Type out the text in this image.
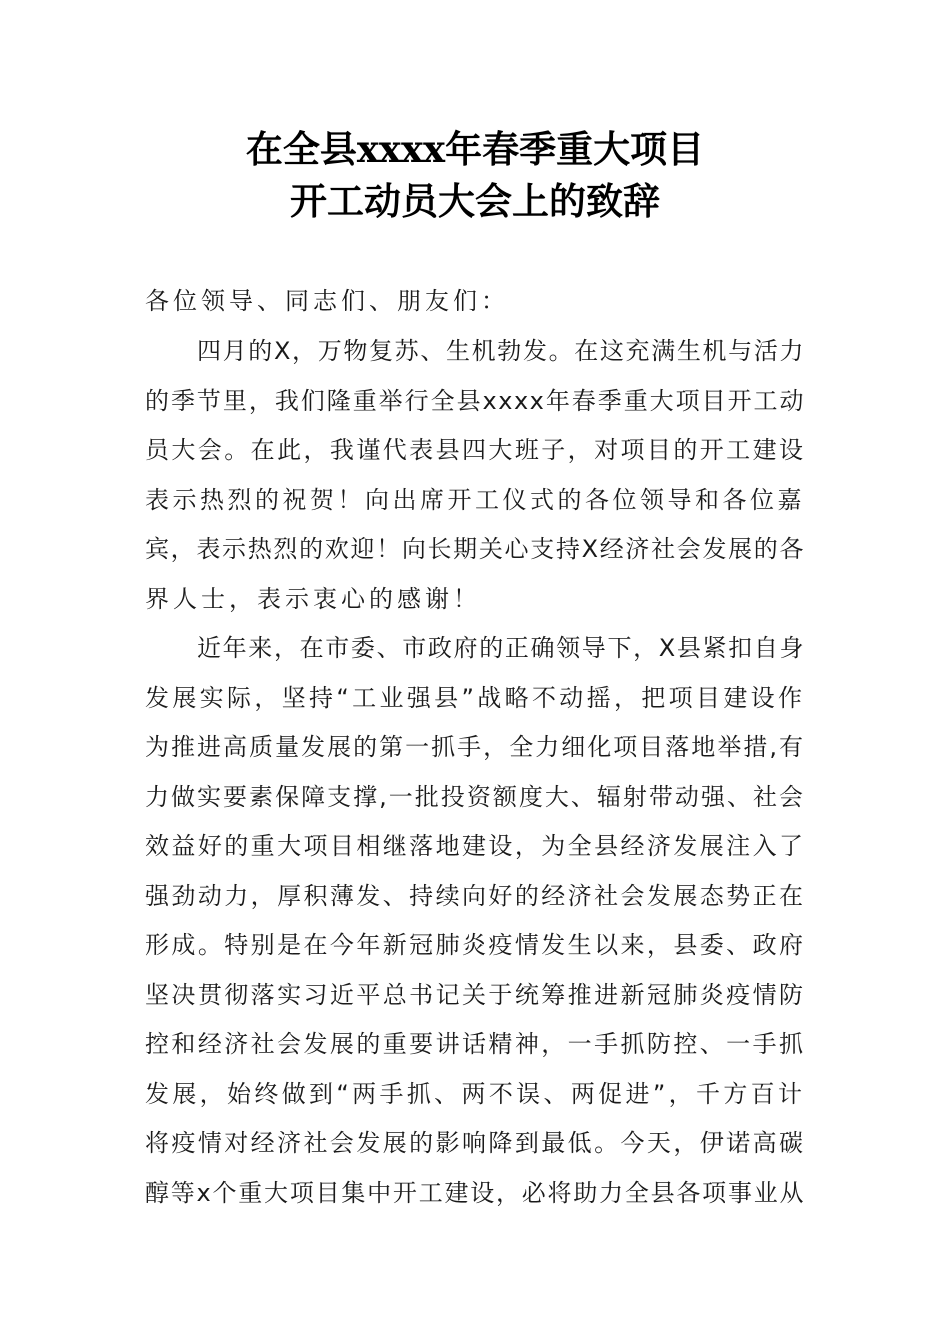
在全县xxxx年春季重大项目
开工动员大会上的致辞
各位领导、同志们、朋友们：
四月的X，万物复苏、生机勃发。在这充满生机与活力
的季节里，我们隆重举行全县xxxx年春季重大项目开工动
员大会。在此，我谨代表县四大班子，对项目的开工建设
表示热烈的祝贺！向出席开工仪式的各位领导和各位嘉
宾，表示热烈的欢迎！向长期关心支持X经济社会发展的各
界人士，表示衷心的感谢！
近年来，在市委、市政府的正确领导下，X县紧扣自身
发展实际，坚持“工业强县”战略不动摇，把项目建设作
为推进高质量发展的第一抓手，全力细化项目落地举措,有
力做实要素保障支撑,一批投资额度大、辐射带动强、社会
效益好的重大项目相继落地建设，为全县经济发展注入了
强劲动力，厚积薄发、持续向好的经济社会发展态势正在
形成。特别是在今年新冠肺炎疫情发生以来，县委、政府
坚决贯彻落实习近平总书记关于统筹推进新冠肺炎疫情防
控和经济社会发展的重要讲话精神，一手抓防控、一手抓
发展，始终做到“两手抓、两不误、两促进”，千方百计
将疫情对经济社会发展的影响降到最低。今天，伊诺高碳
醇等x个重大项目集中开工建设，必将助力全县各项事业从
